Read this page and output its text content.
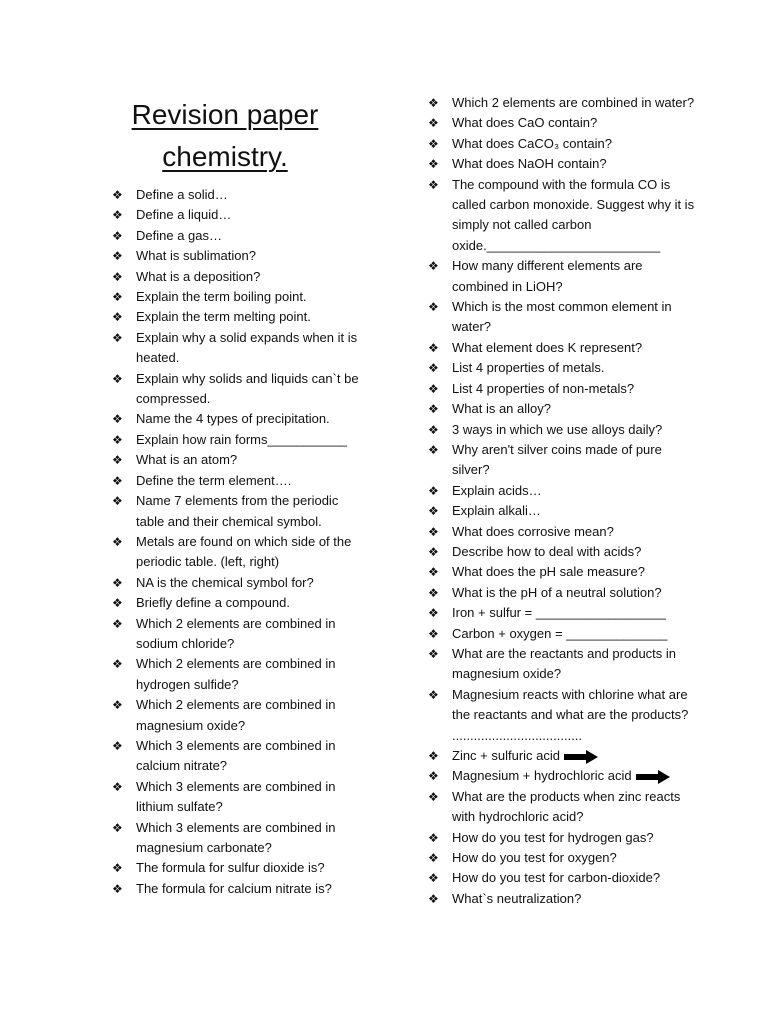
Revision paper
chemistry.
❖ Define a solid…
❖ Define a liquid…
❖ Define a gas…
❖ What is sublimation?
❖ What is a deposition?
❖ Explain the term boiling point.
❖ Explain the term melting point.
❖ Explain why a solid expands when it is heated.
❖ Explain why solids and liquids can`t be compressed.
❖ Name the 4 types of precipitation.
❖ Explain how rain forms___________
❖ What is an atom?
❖ Define the term element….
❖ Name 7 elements from the periodic table and their chemical symbol.
❖ Metals are found on which side of the periodic table. (left, right)
❖ NA is the chemical symbol for?
❖ Briefly define a compound.
❖ Which 2 elements are combined in sodium chloride?
❖ Which 2 elements are combined in hydrogen sulfide?
❖ Which 2 elements are combined in magnesium oxide?
❖ Which 3 elements are combined in calcium nitrate?
❖ Which 3 elements are combined in lithium sulfate?
❖ Which 3 elements are combined in magnesium carbonate?
❖ The formula for sulfur dioxide is?
❖ The formula for calcium nitrate is?
❖ Which 2 elements are combined in water?
❖ What does CaO contain?
❖ What does CaCO₃ contain?
❖ What does NaOH contain?
❖ The compound with the formula CO is called carbon monoxide. Suggest why it is simply not called carbon oxide.________________________
❖ How many different elements are combined in LiOH?
❖ Which is the most common element in water?
❖ What element does K represent?
❖ List 4 properties of metals.
❖ List 4 properties of non-metals?
❖ What is an alloy?
❖ 3 ways in which we use alloys daily?
❖ Why aren't silver coins made of pure silver?
❖ Explain acids…
❖ Explain alkali…
❖ What does corrosive mean?
❖ Describe how to deal with acids?
❖ What does the pH sale measure?
❖ What is the pH of a neutral solution?
❖ Iron + sulfur = __________________
❖ Carbon + oxygen = ______________
❖ What are the reactants and products in magnesium oxide?
❖ Magnesium reacts with chlorine what are the reactants and what are the products? ....................................
❖ Zinc + sulfuric acid
❖ Magnesium + hydrochloric acid
❖ What are the products when zinc reacts with hydrochloric acid?
❖ How do you test for hydrogen gas?
❖ How do you test for oxygen?
❖ How do you test for carbon-dioxide?
❖ What`s neutralization?
